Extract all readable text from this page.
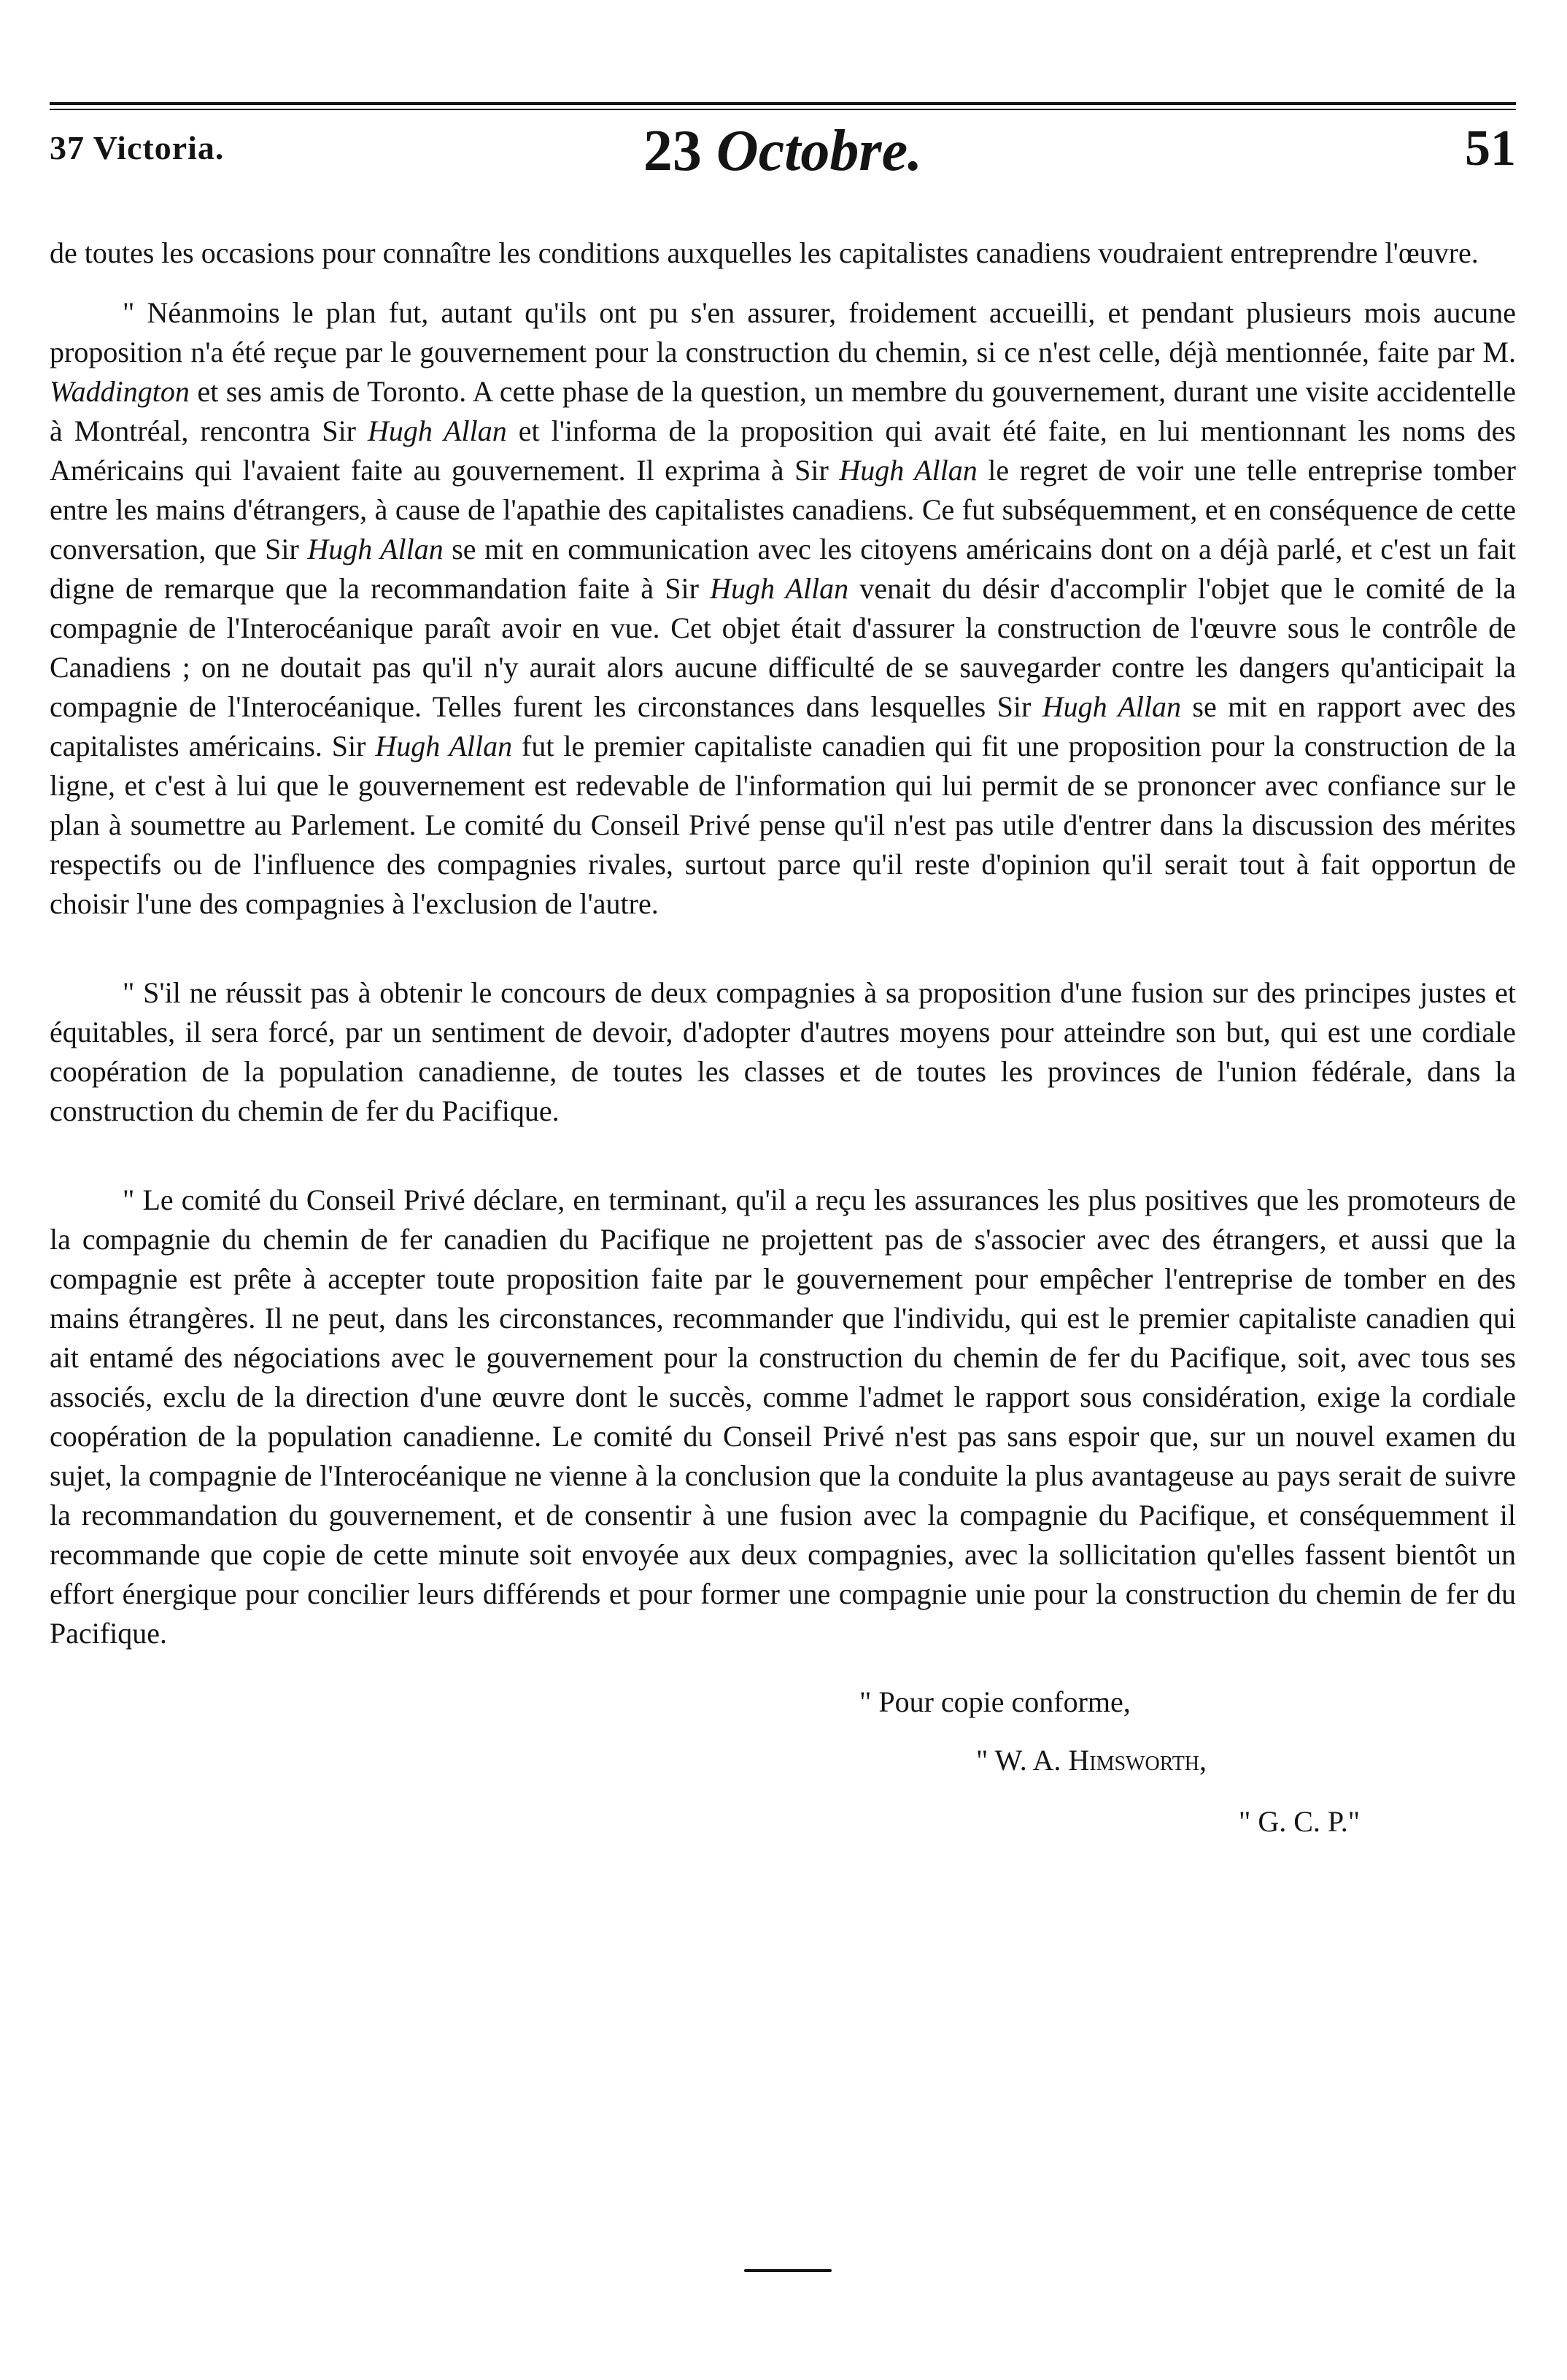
37 Victoria.	23 Octobre.	51

de toutes les occasions pour connaître les conditions auxquelles les capitalistes canadiens voudraient entreprendre l'œuvre.

" Néanmoins le plan fut, autant qu'ils ont pu s'en assurer, froidement accueilli, et pendant plusieurs mois aucune proposition n'a été reçue par le gouvernement pour la construction du chemin, si ce n'est celle, déjà mentionnée, faite par M. Waddington et ses amis de Toronto. A cette phase de la question, un membre du gouvernement, durant une visite accidentelle à Montréal, rencontra Sir Hugh Allan et l'informa de la proposition qui avait été faite, en lui mentionnant les noms des Américains qui l'avaient faite au gouvernement. Il exprima à Sir Hugh Allan le regret de voir une telle entreprise tomber entre les mains d'étrangers, à cause de l'apathie des capitalistes canadiens. Ce fut subséquemment, et en conséquence de cette conversation, que Sir Hugh Allan se mit en communication avec les citoyens américains dont on a déjà parlé, et c'est un fait digne de remarque que la recommandation faite à Sir Hugh Allan venait du désir d'accomplir l'objet que le comité de la compagnie de l'Interocéanique paraît avoir en vue. Cet objet était d'assurer la construction de l'œuvre sous le contrôle de Canadiens ; on ne doutait pas qu'il n'y aurait alors aucune difficulté de se sauvegarder contre les dangers qu'anticipait la compagnie de l'Interocéanique. Telles furent les circonstances dans lesquelles Sir Hugh Allan se mit en rapport avec des capitalistes américains. Sir Hugh Allan fut le premier capitaliste canadien qui fit une proposition pour la construction de la ligne, et c'est à lui que le gouvernement est redevable de l'information qui lui permit de se prononcer avec confiance sur le plan à soumettre au Parlement. Le comité du Conseil Privé pense qu'il n'est pas utile d'entrer dans la discussion des mérites respectifs ou de l'influence des compagnies rivales, surtout parce qu'il reste d'opinion qu'il serait tout à fait opportun de choisir l'une des compagnies à l'exclusion de l'autre.

" S'il ne réussit pas à obtenir le concours de deux compagnies à sa proposition d'une fusion sur des principes justes et équitables, il sera forcé, par un sentiment de devoir, d'adopter d'autres moyens pour atteindre son but, qui est une cordiale coopération de la population canadienne, de toutes les classes et de toutes les provinces de l'union fédérale, dans la construction du chemin de fer du Pacifique.

" Le comité du Conseil Privé déclare, en terminant, qu'il a reçu les assurances les plus positives que les promoteurs de la compagnie du chemin de fer canadien du Pacifique ne projettent pas de s'associer avec des étrangers, et aussi que la compagnie est prête à accepter toute proposition faite par le gouvernement pour empêcher l'entreprise de tomber en des mains étrangères. Il ne peut, dans les circonstances, recommander que l'individu, qui est le premier capitaliste canadien qui ait entamé des négociations avec le gouvernement pour la construction du chemin de fer du Pacifique, soit, avec tous ses associés, exclu de la direction d'une œuvre dont le succès, comme l'admet le rapport sous considération, exige la cordiale coopération de la population canadienne. Le comité du Conseil Privé n'est pas sans espoir que, sur un nouvel examen du sujet, la compagnie de l'Interocéanique ne vienne à la conclusion que la conduite la plus avantageuse au pays serait de suivre la recommandation du gouvernement, et de consentir à une fusion avec la compagnie du Pacifique, et conséquemment il recommande que copie de cette minute soit envoyée aux deux compagnies, avec la sollicitation qu'elles fassent bientôt un effort énergique pour concilier leurs différends et pour former une compagnie unie pour la construction du chemin de fer du Pacifique.

" Pour copie conforme,
" W. A. Himsworth,
" G. C. P."
